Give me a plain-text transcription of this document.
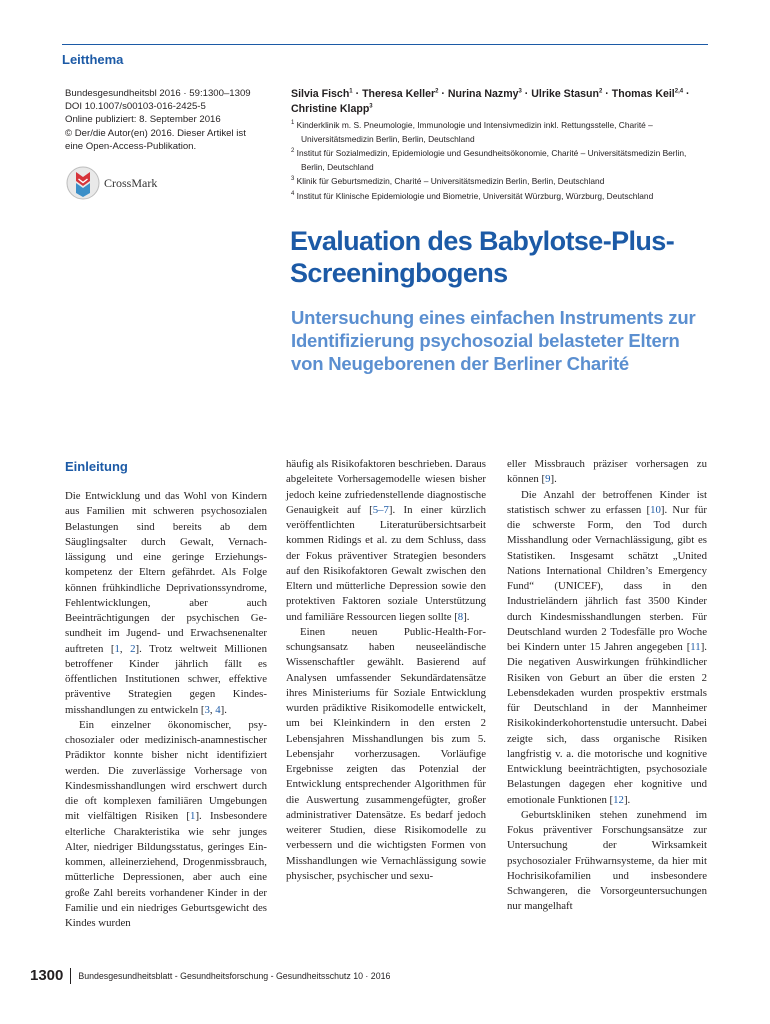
Leitthema
Bundesgesundheitsbl 2016 · 59:1300–1309
DOI 10.1007/s00103-016-2425-5
Online publiziert: 8. September 2016
© Der/die Autor(en) 2016. Dieser Artikel ist
eine Open-Access-Publikation.
CrossMark
Silvia Fisch$^1$ · Theresa Keller$^2$ · Nurina Nazmy$^3$ · Ulrike Stasun$^2$ · Thomas Keil$^{2,4}$ · Christine Klapp$^3$
$^1$ Kinderklinik m. S. Pneumologie, Immunologie und Intensivmedizin inkl. Rettungsstelle, Charité – Universitätsmedizin Berlin, Berlin, Deutschland
$^2$ Institut für Sozialmedizin, Epidemiologie und Gesundheitsökonomie, Charité – Universitätsmedizin Berlin, Berlin, Deutschland
$^3$ Klinik für Geburtsmedizin, Charité – Universitätsmedizin Berlin, Berlin, Deutschland
$^4$ Institut für Klinische Epidemiologie und Biometrie, Universität Würzburg, Würzburg, Deutschland
Evaluation des Babylotse-Plus-Screeningbogens
Untersuchung eines einfachen Instruments zur Identifizierung psychosozial belasteter Eltern von Neugeborenen der Berliner Charité
Einleitung

Die Entwicklung und das Wohl von Kindern aus Familien mit schweren psychosozialen Belastungen sind bereits ab dem Säuglingsalter durch Gewalt, Vernachlässigung und eine geringe Erziehungskompetenz der Eltern gefährdet. Als Folge können frühkindliche Deprivationssyndrome, Fehlentwicklungen, aber auch Beeinträchtigungen der psychischen Gesundheit im Jugend- und Erwachsenenalter auftreten [1, 2]. Trotz weltweit Millionen betroffener Kinder jährlich fällt es öffentlichen Institutionen schwer, effektive präventive Strategien gegen Kindesmisshandlungen zu entwickeln [3, 4].

Ein einzelner ökonomischer, psychosozialer oder medizinisch-anamnestischer Prädiktor konnte bisher nicht identifiziert werden. Die zuverlässige Vorhersage von Kindesmisshandlungen wird erschwert durch die oft komplexen familiären Umgebungen mit vielfältigen Risiken [1]. Insbesondere elterliche Charakteristika wie sehr junges Alter, niedriger Bildungsstatus, geringes Einkommen, alleinerziehend, Drogenmissbrauch, mütterliche Depressionen, aber auch eine große Zahl bereits vorhandener Kinder in der Familie und ein niedriges Geburtsgewicht des Kindes wurden

häufig als Risikofaktoren beschrieben. Daraus abgeleitete Vorhersagemodelle wiesen bisher jedoch keine zufriedenstellende diagnostische Genauigkeit auf [5–7]. In einer kürzlich veröffentlichten Literaturübersichtsarbeit kommen Ridings et al. zu dem Schluss, dass der Fokus präventiver Strategien besonders auf den Risikofaktoren Gewalt zwischen den Eltern und mütterliche Depression sowie den protektiven Faktoren soziale Unterstützung und familiäre Ressourcen liegen sollte [8].

Einen neuen Public-Health-Forschungsansatz haben neuseeländische Wissenschaftler gewählt. Basierend auf Analysen umfassender Sekundärdatensätze ihres Ministeriums für Soziale Entwicklung wurden prädiktive Risikomodelle entwickelt, um bei Kleinkindern in den ersten 2 Lebensjahren Misshandlungen bis zum 5. Lebensjahr vorherzusagen. Vorläufige Ergebnisse zeigten das Potenzial der Entwicklung entsprechender Algorithmen für die Auswertung zusammengefügter, großer administrativer Datensätze. Es bedarf jedoch weiterer Studien, diese Risikomodelle zu verbessern und die wichtigsten Formen von Misshandlungen wie Vernachlässigung sowie physischer, psychischer und sexu-

eller Missbrauch präziser vorhersagen zu können [9].

Die Anzahl der betroffenen Kinder ist statistisch schwer zu erfassen [10]. Nur für die schwerste Form, den Tod durch Misshandlung oder Vernachlässigung, gibt es Statistiken. Insgesamt schätzt „United Nations International Children’s Emergency Fund“ (UNICEF), dass in den Industrieländern jährlich fast 3500 Kinder durch Kindesmisshandlungen sterben. Für Deutschland wurden 2 Todesfälle pro Woche bei Kindern unter 15 Jahren angegeben [11]. Die negativen Auswirkungen frühkindlicher Risiken von Geburt an über die ersten 2 Lebensdekaden wurden prospektiv erstmals für Deutschland in der Mannheimer Risikokinderkohortenstudie untersucht. Dabei zeigte sich, dass organische Risiken langfristig v. a. die motorische und kognitive Entwicklung beeinträchtigten, psychosoziale Belastungen dagegen eher kognitive und emotionale Funktionen [12].

Geburtskliniken stehen zunehmend im Fokus präventiver Forschungsansätze zur Untersuchung der Wirksamkeit psychosozialer Frühwarnsysteme, da hier mit Hochrisikofamilien und insbesondere Schwangeren, die Vorsorgeuntersuchungen nur mangelhaft

1300 Bundesgesundheitsblatt - Gesundheitsforschung - Gesundheitsschutz 10 · 2016
